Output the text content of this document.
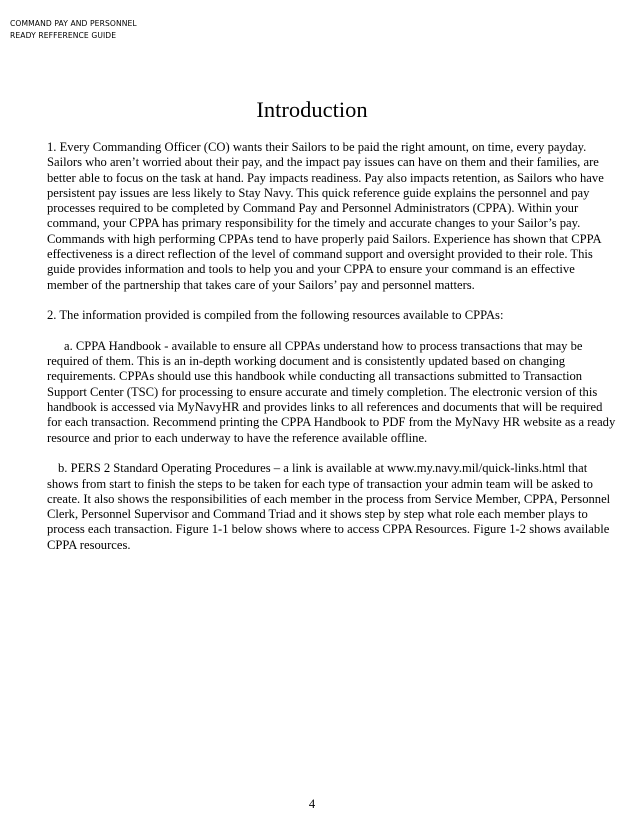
COMMAND PAY AND PERSONNEL
READY REFFERENCE GUIDE
Introduction

1. Every Commanding Officer (CO) wants their Sailors to be paid the right amount, on time, every payday. Sailors who aren’t worried about their pay, and the impact pay issues can have on them and their families, are better able to focus on the task at hand. Pay impacts readiness. Pay also impacts retention, as Sailors who have persistent pay issues are less likely to Stay Navy. This quick reference guide explains the personnel and pay processes required to be completed by Command Pay and Personnel Administrators (CPPA). Within your command, your CPPA has primary responsibility for the timely and accurate changes to your Sailor’s pay. Commands with high performing CPPAs tend to have properly paid Sailors. Experience has shown that CPPA effectiveness is a direct reflection of the level of command support and oversight provided to their role. This guide provides information and tools to help you and your CPPA to ensure your command is an effective member of the partnership that takes care of your Sailors’ pay and personnel matters.

2. The information provided is compiled from the following resources available to CPPAs:

a. CPPA Handbook - available to ensure all CPPAs understand how to process transactions that may be required of them. This is an in-depth working document and is consistently updated based on changing requirements. CPPAs should use this handbook while conducting all transactions submitted to Transaction Support Center (TSC) for processing to ensure accurate and timely completion. The electronic version of this handbook is accessed via MyNavyHR and provides links to all references and documents that will be required for each transaction. Recommend printing the CPPA Handbook to PDF from the MyNavy HR website as a ready resource and prior to each underway to have the reference available offline.

b. PERS 2 Standard Operating Procedures – a link is available at www.my.navy.mil/quick-links.html that shows from start to finish the steps to be taken for each type of transaction your admin team will be asked to create. It also shows the responsibilities of each member in the process from Service Member, CPPA, Personnel Clerk, Personnel Supervisor and Command Triad and it shows step by step what role each member plays to process each transaction. Figure 1-1 below shows where to access CPPA Resources. Figure 1-2 shows available CPPA resources.

4
